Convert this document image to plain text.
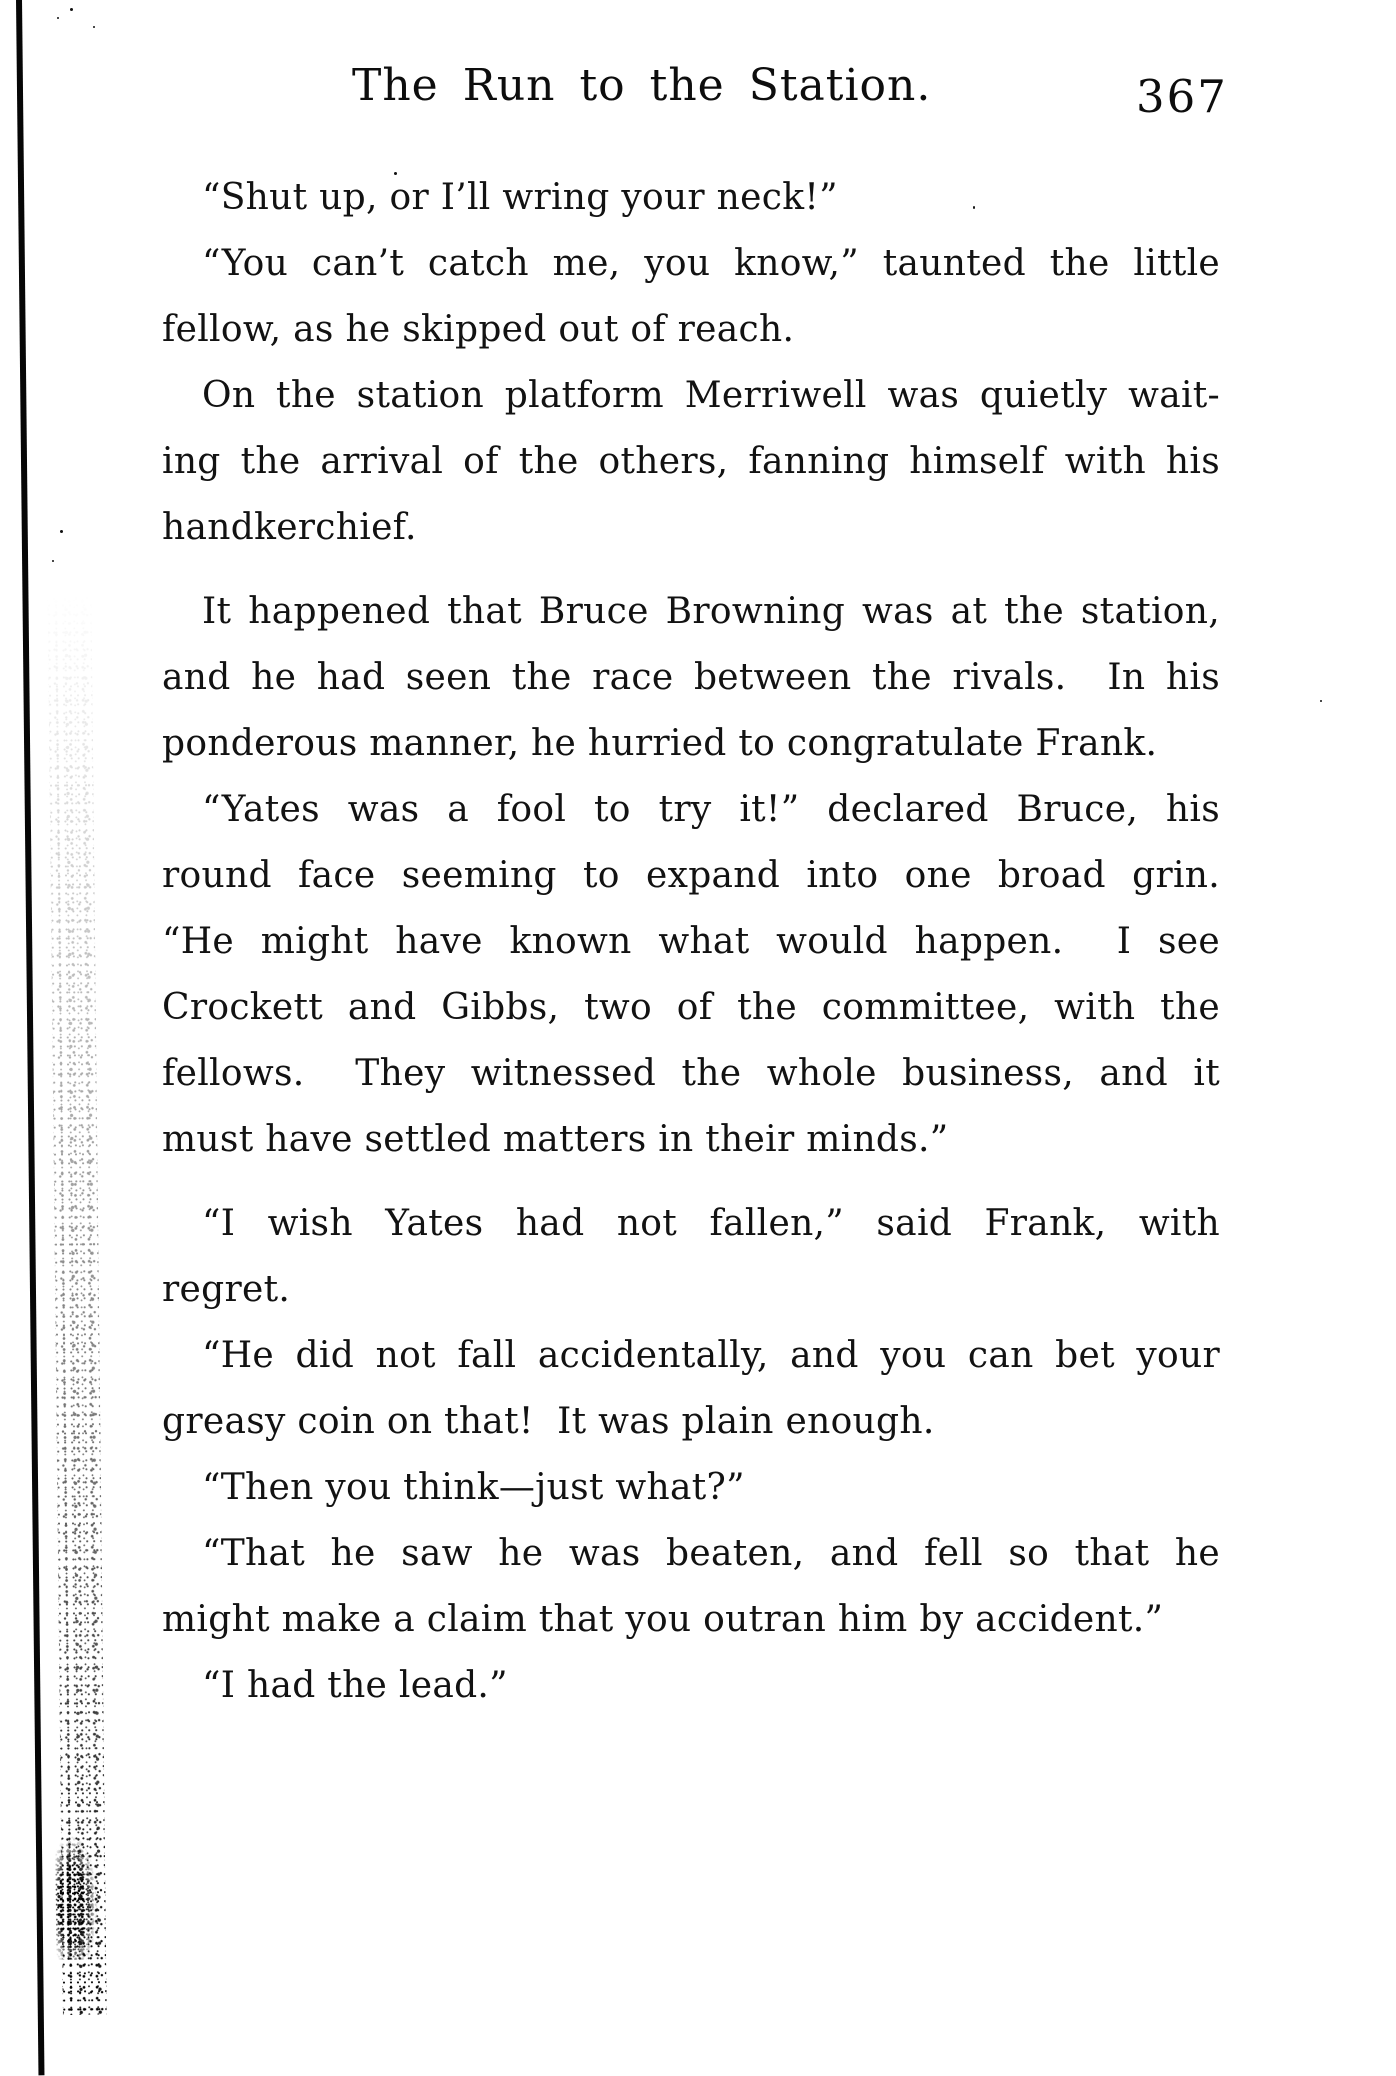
The Run to the Station.	367
“Shut up, or I’ll wring your neck!”
“You can’t catch me, you know,” taunted the little
fellow, as he skipped out of reach.
On the station platform Merriwell was quietly wait-
ing the arrival of the others, fanning himself with his
handkerchief.
It happened that Bruce Browning was at the station,
and he had seen the race between the rivals.  In his
ponderous manner, he hurried to congratulate Frank.
“Yates was a fool to try it!” declared Bruce, his
round face seeming to expand into one broad grin.
“He might have known what would happen.  I see
Crockett and Gibbs, two of the committee, with the
fellows.  They witnessed the whole business, and it
must have settled matters in their minds.”
“I wish Yates had not fallen,” said Frank, with
regret.
“He did not fall accidentally, and you can bet your
greasy coin on that!  It was plain enough.
“Then you think—just what?”
“That he saw he was beaten, and fell so that he
might make a claim that you outran him by accident.”
“I had the lead.”
